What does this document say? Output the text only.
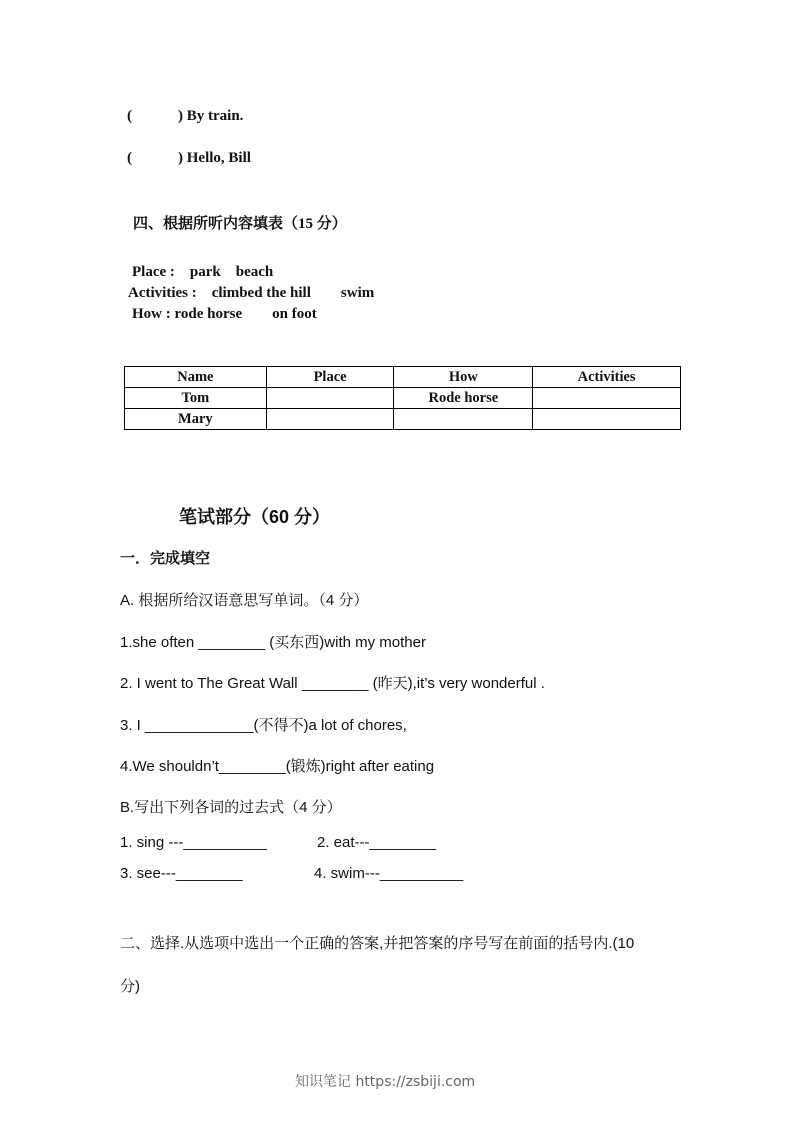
(	) By train.
(	) Hello, Bill
四、根据所听内容填表（15 分）
Place :    park    beach
Activities :    climbed the hill        swim
How : rode horse        on foot
Name	Place	How	Activities
Tom		Rode horse	
Mary			
笔试部分（60 分）
一．完成填空
A. 根据所给汉语意思写单词。（4 分）
1.she often ________ (买东西)with my mother
2. I went to The Great Wall ________ (昨天),it’s very wonderful .
3. I _____________(不得不)a lot of chores,
4.We shouldn’t________(锻炼)right after eating
B.写出下列各词的过去式（4 分）
1. sing ---__________	2. eat---________
3. see---________	4. swim---__________
二、选择.从选项中选出一个正确的答案,并把答案的序号写在前面的括号内.(10
分)
知识笔记 https://zsbiji.com
